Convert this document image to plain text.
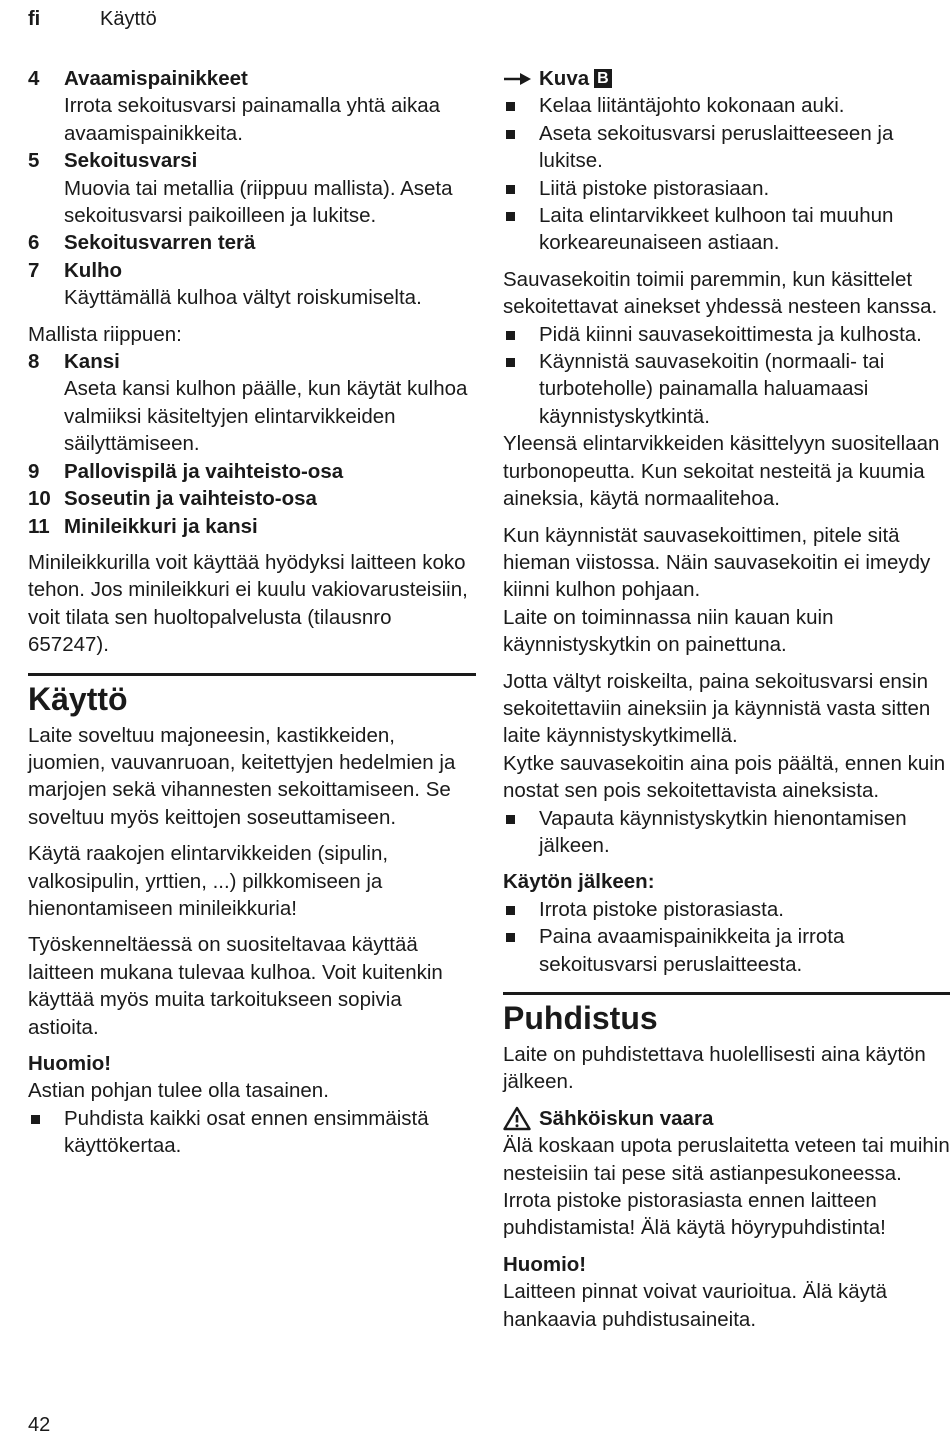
fi	Käyttö
4	Avaamispainikkeet
Irrota sekoitusvarsi painamalla yhtä aikaa avaamispainikkeita.
5	Sekoitusvarsi
Muovia tai metallia (riippuu mallista). Aseta sekoitusvarsi paikoilleen ja lukitse.
6	Sekoitusvarren terä
7	Kulho
Käyttämällä kulhoa vältyt roiskumiselta.

Mallista riippuen:

8	Kansi
Aseta kansi kulhon päälle, kun käytät kulhoa valmiiksi käsiteltyjen elintarvikkeiden säilyttämiseen.
9	Pallovispilä ja vaihteisto-osa
10 Soseutin ja vaihteisto-osa
11 Minileikkuri ja kansi

Minileikkurilla voit käyttää hyödyksi laitteen koko tehon. Jos minileikkuri ei kuulu vakiovarusteisiin, voit tilata sen huoltopalvelusta (tilausnro 657247).

Käyttö

Laite soveltuu majoneesin, kastikkeiden, juomien, vauvanruoan, keitettyjen hedelmien ja marjojen sekä vihannesten sekoittamiseen. Se soveltuu myös keittojen soseuttamiseen.

Käytä raakojen elintarvikkeiden (sipulin, valkosipulin, yrttien, ...) pilkkomiseen ja hienontamiseen minileikkuria!

Työskenneltäessä on suositeltavaa käyttää laitteen mukana tulevaa kulhoa. Voit kuitenkin käyttää myös muita tarkoitukseen sopivia astioita.

Huomio!

Astian pohjan tulee olla tasainen.

Puhdista kaikki osat ennen ensimmäistä käyttökertaa.
Kuva B
Kelaa liitäntäjohto kokonaan auki.
Aseta sekoitusvarsi peruslaitteeseen ja lukitse.
Liitä pistoke pistorasiaan.
Laita elintarvikkeet kulhoon tai muuhun korkeareunaiseen astiaan.

Sauvasekoitin toimii paremmin, kun käsittelet sekoitettavat ainekset yhdessä nesteen kanssa.

Pidä kiinni sauvasekoittimesta ja kulhosta.
Käynnistä sauvasekoitin (normaali- tai turboteholle) painamalla haluamaasi käynnistyskytkintä.

Yleensä elintarvikkeiden käsittelyyn suositellaan turbonopeutta. Kun sekoitat nesteitä ja kuumia aineksia, käytä normaalitehoa.

Kun käynnistät sauvasekoittimen, pitele sitä hieman viistossa. Näin sauvasekoitin ei imeydy kiinni kulhon pohjaan.

Laite on toiminnassa niin kauan kuin käynnistyskytkin on painettuna.

Jotta vältyt roiskeilta, paina sekoitusvarsi ensin sekoitettaviin aineksiin ja käynnistä vasta sitten laite käynnistyskytkimellä.

Kytke sauvasekoitin aina pois päältä, ennen kuin nostat sen pois sekoitettavista aineksista.

Vapauta käynnistyskytkin hienontamisen jälkeen.

Käytön jälkeen:

Irrota pistoke pistorasiasta.
Paina avaamispainikkeita ja irrota sekoitusvarsi peruslaitteesta.
Puhdistus

Laite on puhdistettava huolellisesti aina käytön jälkeen.

Sähköiskun vaara

Älä koskaan upota peruslaitetta veteen tai muihin nesteisiin tai pese sitä astianpesukoneessa. Irrota pistoke pistorasiasta ennen laitteen puhdistamista! Älä käytä höyrypuhdistinta!

Huomio!

Laitteen pinnat voivat vaurioitua. Älä käytä hankaavia puhdistusaineita.

42
